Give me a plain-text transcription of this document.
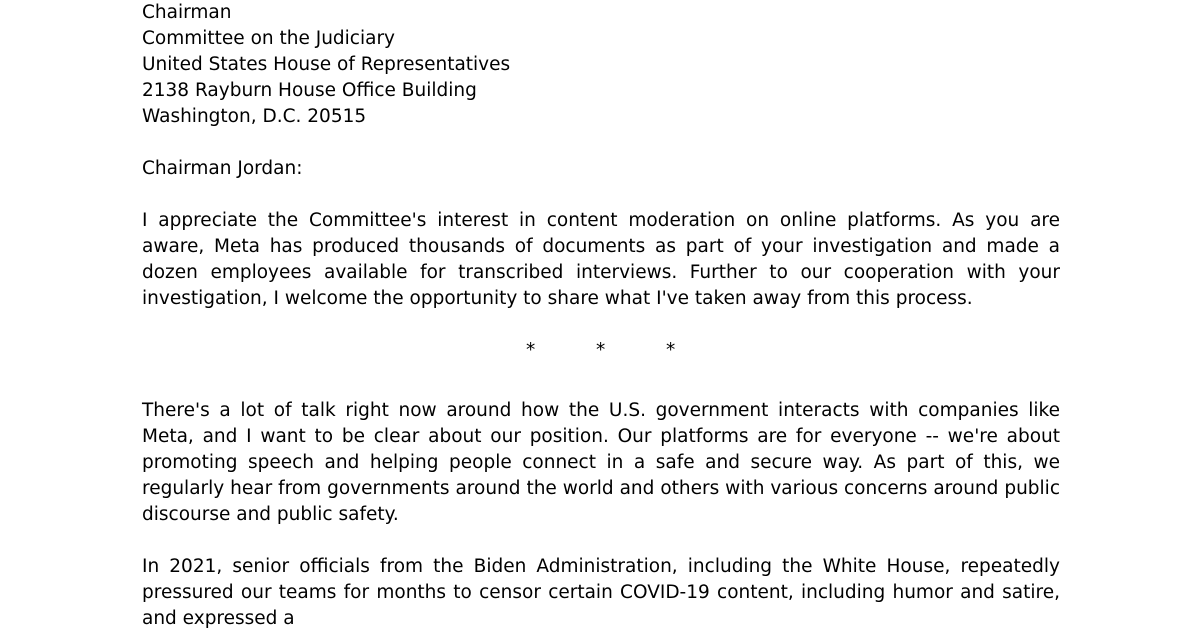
Chairman
Committee on the Judiciary
United States House of Representatives
2138 Rayburn House Office Building
Washington, D.C. 20515
Chairman Jordan:

I appreciate the Committee's interest in content moderation on online platforms. As you are aware, Meta has produced thousands of documents as part of your investigation and made a dozen employees available for transcribed interviews. Further to our cooperation with your investigation, I welcome the opportunity to share what I've taken away from this process.

*	*	*

There's a lot of talk right now around how the U.S. government interacts with companies like Meta, and I want to be clear about our position. Our platforms are for everyone -- we're about promoting speech and helping people connect in a safe and secure way. As part of this, we regularly hear from governments around the world and others with various concerns around public discourse and public safety.

In 2021, senior officials from the Biden Administration, including the White House, repeatedly pressured our teams for months to censor certain COVID-19 content, including humor and satire, and expressed a
